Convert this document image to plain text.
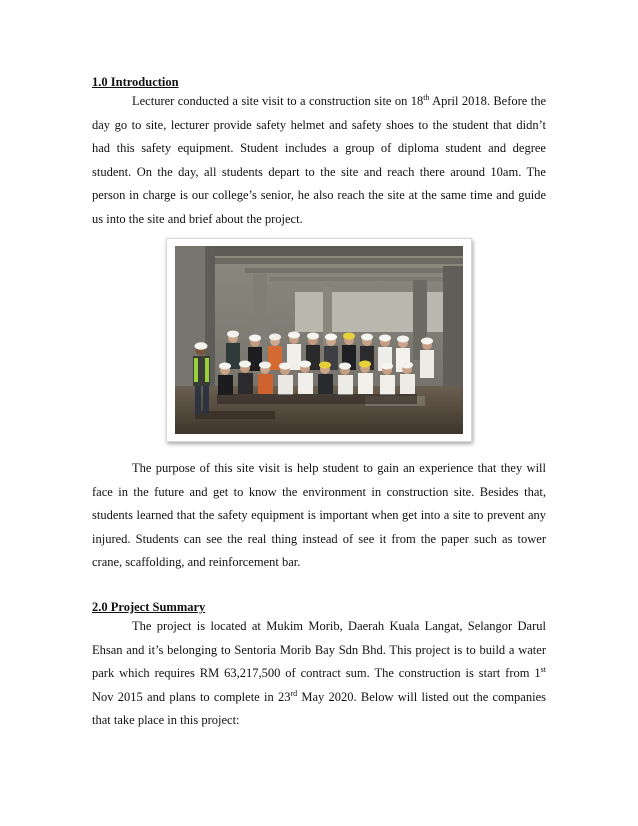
1.0 Introduction

Lecturer conducted a site visit to a construction site on 18th April 2018. Before the day go to site, lecturer provide safety helmet and safety shoes to the student that didn’t had this safety equipment. Student includes a group of diploma student and degree student. On the day, all students depart to the site and reach there around 10am. The person in charge is our college’s senior, he also reach the site at the same time and guide us into the site and brief about the project.

The purpose of this site visit is help student to gain an experience that they will face in the future and get to know the environment in construction site. Besides that, students learned that the safety equipment is important when get into a site to prevent any injured. Students can see the real thing instead of see it from the paper such as tower crane, scaffolding, and reinforcement bar.

2.0 Project Summary

The project is located at Mukim Morib, Daerah Kuala Langat, Selangor Darul Ehsan and it’s belonging to Sentoria Morib Bay Sdn Bhd. This project is to build a water park which requires RM 63,217,500 of contract sum. The construction is start from 1st Nov 2015 and plans to complete in 23rd May 2020. Below will listed out the companies that take place in this project:
